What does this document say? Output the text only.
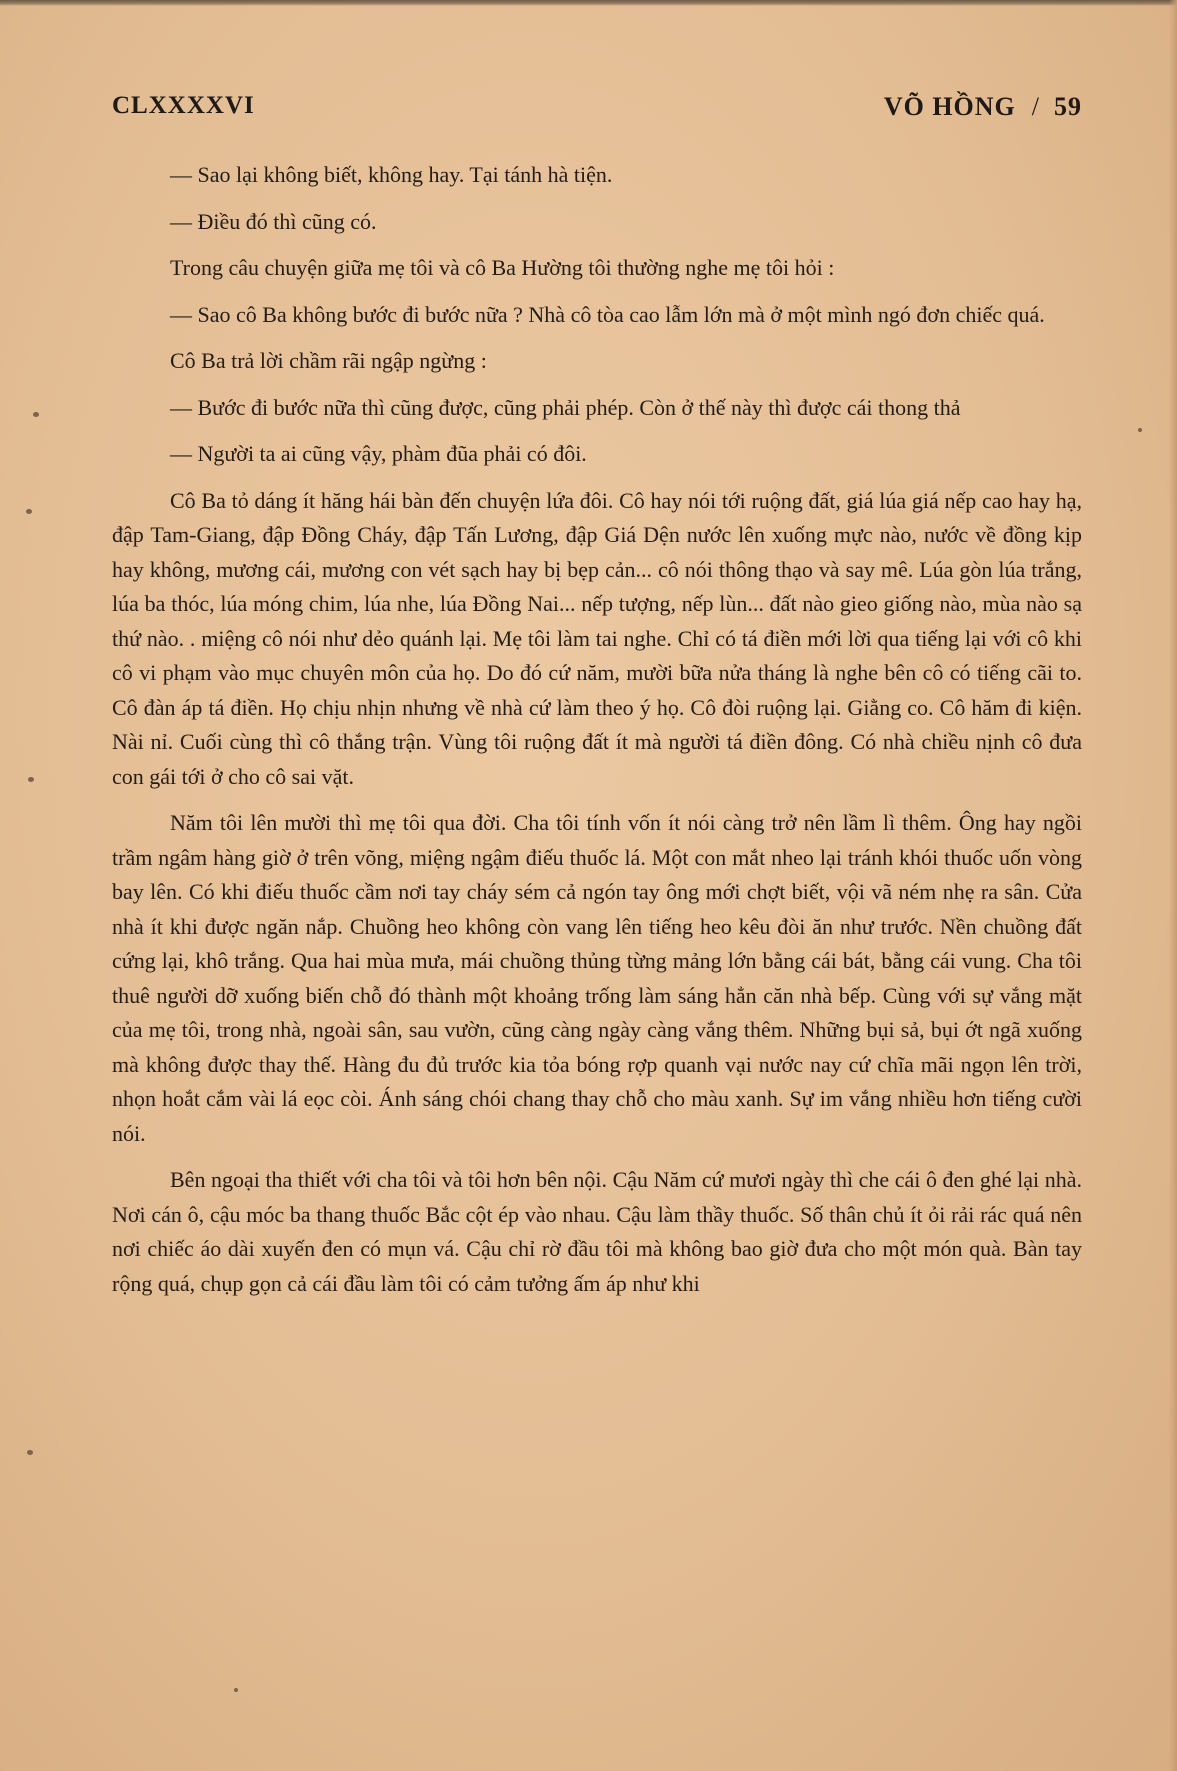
CLXXXXVI	VÕ HỒNG / 59

— Sao lại không biết, không hay. Tại tánh hà tiện.

— Điều đó thì cũng có.

Trong câu chuyện giữa mẹ tôi và cô Ba Hường tôi thường nghe mẹ tôi hỏi :

— Sao cô Ba không bước đi bước nữa ? Nhà cô tòa cao lẫm lớn mà ở một mình ngó đơn chiếc quá.

Cô Ba trả lời chầm rãi ngập ngừng :

— Bước đi bước nữa thì cũng được, cũng phải phép. Còn ở thế này thì được cái thong thả

— Người ta ai cũng vậy, phàm đũa phải có đôi.

Cô Ba tỏ dáng ít hăng hái bàn đến chuyện lứa đôi. Cô hay nói tới ruộng đất, giá lúa giá nếp cao hay hạ, đập Tam-Giang, đập Đồng Cháy, đập Tấn Lương, đập Giá Dện nước lên xuống mực nào, nước về đồng kịp hay không, mương cái, mương con vét sạch hay bị bẹp cản... cô nói thông thạo và say mê. Lúa gòn lúa trắng, lúa ba thóc, lúa móng chim, lúa nhe, lúa Đồng Nai... nếp tượng, nếp lùn... đất nào gieo giống nào, mùa nào sạ thứ nào. . miệng cô nói như dẻo quánh lại. Mẹ tôi làm tai nghe. Chỉ có tá điền mới lời qua tiếng lại với cô khi cô vi phạm vào mục chuyên môn của họ. Do đó cứ năm, mười bữa nửa tháng là nghe bên cô có tiếng cãi to. Cô đàn áp tá điền. Họ chịu nhịn nhưng về nhà cứ làm theo ý họ. Cô đòi ruộng lại. Giằng co. Cô hăm đi kiện. Nài nỉ. Cuối cùng thì cô thắng trận. Vùng tôi ruộng đất ít mà người tá điền đông. Có nhà chiều nịnh cô đưa con gái tới ở cho cô sai vặt.

Năm tôi lên mười thì mẹ tôi qua đời. Cha tôi tính vốn ít nói càng trở nên lầm lì thêm. Ông hay ngồi trầm ngâm hàng giờ ở trên võng, miệng ngậm điếu thuốc lá. Một con mắt nheo lại tránh khói thuốc uốn vòng bay lên. Có khi điếu thuốc cầm nơi tay cháy sém cả ngón tay ông mới chợt biết, vội vã ném nhẹ ra sân. Cửa nhà ít khi được ngăn nắp. Chuồng heo không còn vang lên tiếng heo kêu đòi ăn như trước. Nền chuồng đất cứng lại, khô trắng. Qua hai mùa mưa, mái chuồng thủng từng mảng lớn bằng cái bát, bằng cái vung. Cha tôi thuê người dỡ xuống biến chỗ đó thành một khoảng trống làm sáng hẳn căn nhà bếp. Cùng với sự vắng mặt của mẹ tôi, trong nhà, ngoài sân, sau vườn, cũng càng ngày càng vắng thêm. Những bụi sả, bụi ớt ngã xuống mà không được thay thế. Hàng đu đủ trước kia tỏa bóng rợp quanh vại nước nay cứ chĩa mãi ngọn lên trời, nhọn hoắt cắm vài lá eọc còi. Ánh sáng chói chang thay chỗ cho màu xanh. Sự im vắng nhiều hơn tiếng cười nói.

Bên ngoại tha thiết với cha tôi và tôi hơn bên nội. Cậu Năm cứ mươi ngày thì che cái ô đen ghé lại nhà. Nơi cán ô, cậu móc ba thang thuốc Bắc cột ép vào nhau. Cậu làm thầy thuốc. Số thân chủ ít ỏi rải rác quá nên nơi chiếc áo dài xuyến đen có mụn vá. Cậu chỉ rờ đầu tôi mà không bao giờ đưa cho một món quà. Bàn tay rộng quá, chụp gọn cả cái đầu làm tôi có cảm tưởng ấm áp như khi
